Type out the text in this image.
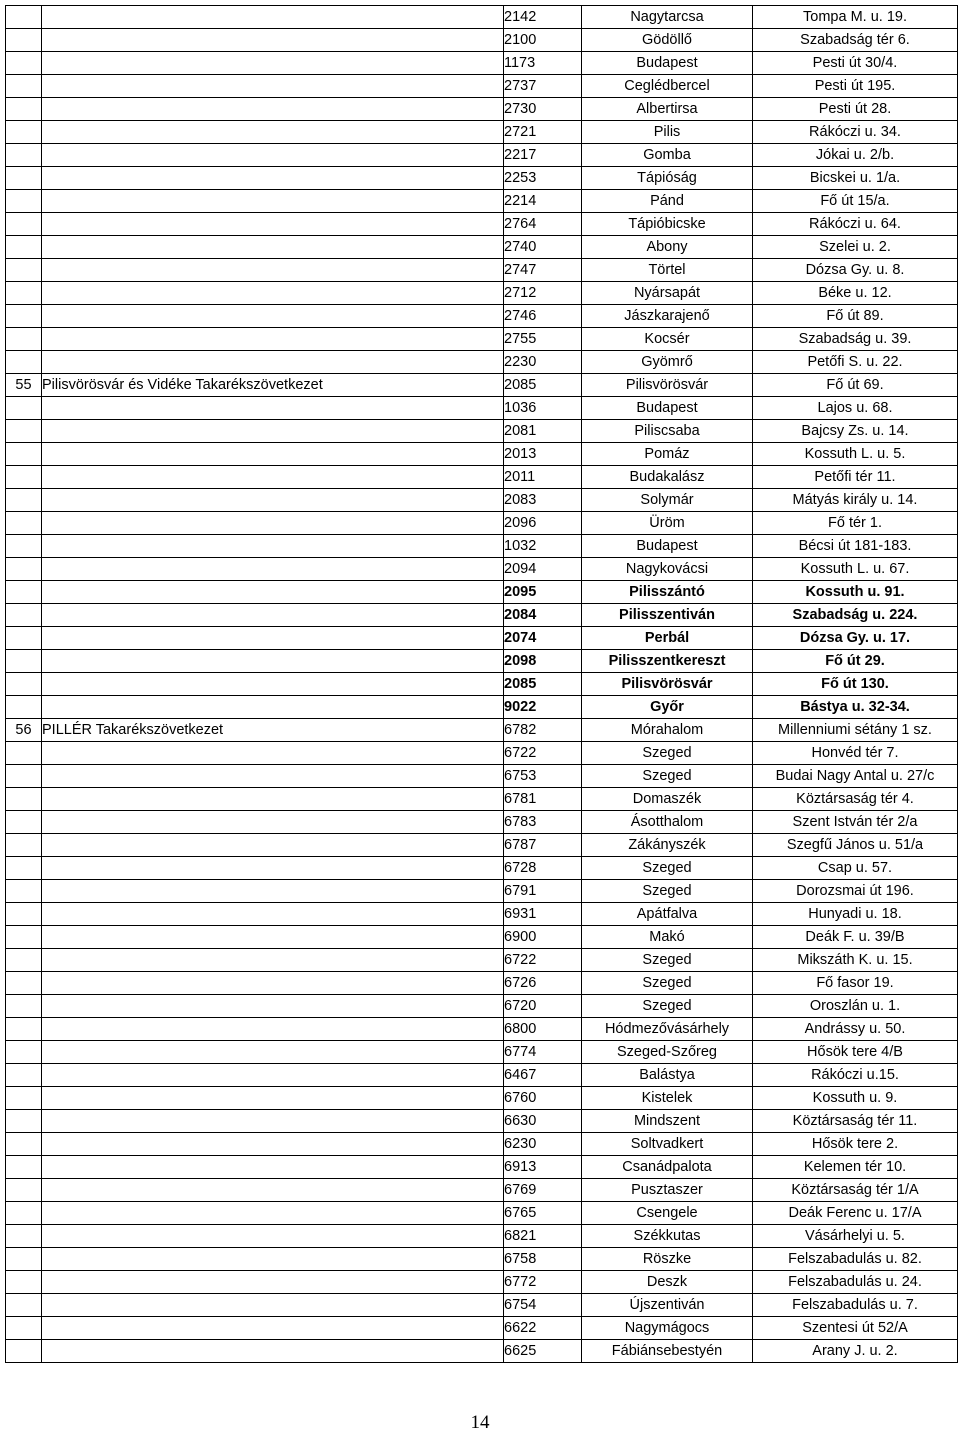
		2142	Nagytarcsa	Tompa M. u. 19.
		2100	Gödöllő	Szabadság tér 6.
		1173	Budapest	Pesti út 30/4.
		2737	Ceglédbercel	Pesti út 195.
		2730	Albertirsa	Pesti út 28.
		2721	Pilis	Rákóczi u. 34.
		2217	Gomba	Jókai u. 2/b.
		2253	Tápióság	Bicskei u. 1/a.
		2214	Pánd	Fő út 15/a.
		2764	Tápióbicske	Rákóczi u. 64.
		2740	Abony	Szelei u. 2.
		2747	Törtel	Dózsa Gy. u. 8.
		2712	Nyársapát	Béke u. 12.
		2746	Jászkarajenő	Fő út 89.
		2755	Kocsér	Szabadság u. 39.
		2230	Gyömrő	Petőfi S. u. 22.
55	Pilisvörösvár és Vidéke Takarékszövetkezet	2085	Pilisvörösvár	Fő út 69.
		1036	Budapest	Lajos u. 68.
		2081	Piliscsaba	Bajcsy Zs. u. 14.
		2013	Pomáz	Kossuth L. u. 5.
		2011	Budakalász	Petőfi tér 11.
		2083	Solymár	Mátyás király u. 14.
		2096	Üröm	Fő tér 1.
		1032	Budapest	Bécsi út 181-183.
		2094	Nagykovácsi	Kossuth L. u. 67.
		2095	Pilisszántó	Kossuth u. 91.
		2084	Pilisszentiván	Szabadság u. 224.
		2074	Perbál	Dózsa Gy. u. 17.
		2098	Pilisszentkereszt	Fő út 29.
		2085	Pilisvörösvár	Fő út 130.
		9022	Győr	Bástya u. 32-34.
56	PILLÉR Takarékszövetkezet	6782	Mórahalom	Millenniumi sétány 1 sz.
		6722	Szeged	Honvéd tér 7.
		6753	Szeged	Budai Nagy Antal u. 27/c
		6781	Domaszék	Köztársaság tér 4.
		6783	Ásotthalom	Szent István tér 2/a
		6787	Zákányszék	Szegfű János u. 51/a
		6728	Szeged	Csap u. 57.
		6791	Szeged	Dorozsmai út 196.
		6931	Apátfalva	Hunyadi u. 18.
		6900	Makó	Deák F. u. 39/B
		6722	Szeged	Mikszáth K. u. 15.
		6726	Szeged	Fő fasor 19.
		6720	Szeged	Oroszlán u. 1.
		6800	Hódmezővásárhely	Andrássy u. 50.
		6774	Szeged-Szőreg	Hősök tere 4/B
		6467	Balástya	Rákóczi u.15.
		6760	Kistelek	Kossuth u. 9.
		6630	Mindszent	Köztársaság tér 11.
		6230	Soltvadkert	Hősök tere 2.
		6913	Csanádpalota	Kelemen tér 10.
		6769	Pusztaszer	Köztársaság tér 1/A
		6765	Csengele	Deák Ferenc u. 17/A
		6821	Székkutas	Vásárhelyi u. 5.
		6758	Röszke	Felszabadulás u. 82.
		6772	Deszk	Felszabadulás u. 24.
		6754	Újszentiván	Felszabadulás u. 7.
		6622	Nagymágocs	Szentesi út 52/A
		6625	Fábiánsebestyén	Arany J. u. 2.
14
